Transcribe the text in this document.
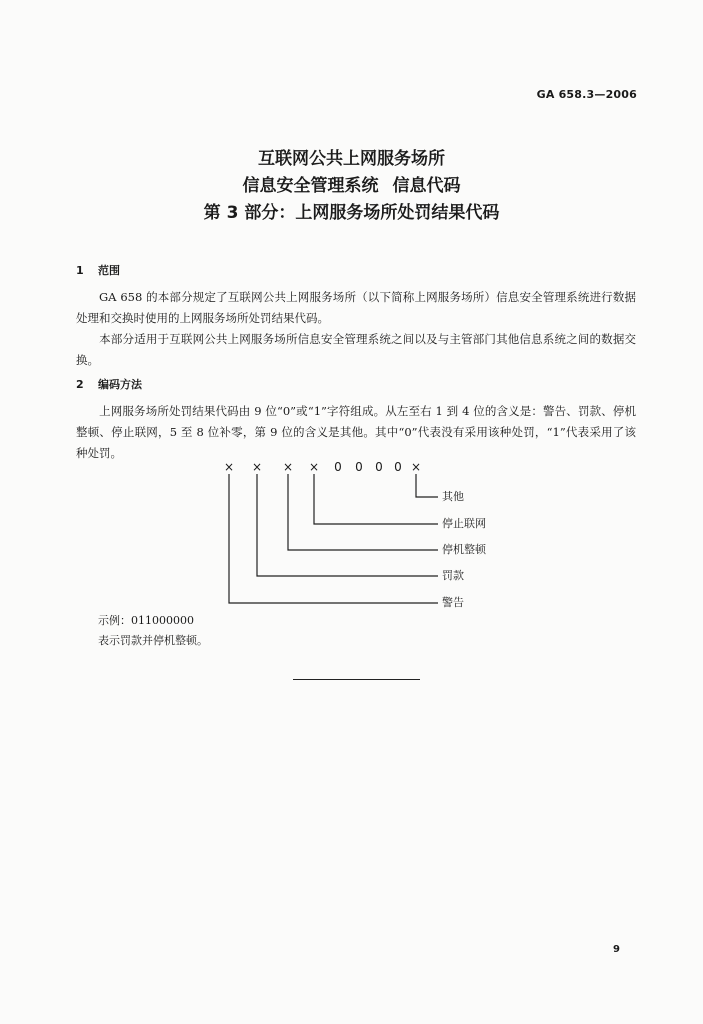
GA 658.3—2006
互联网公共上网服务场所
信息安全管理系统 信息代码
第 3 部分：上网服务场所处罚结果代码
1 范围

GA 658 的本部分规定了互联网公共上网服务场所（以下简称上网服务场所）信息安全管理系统进行数据处理和交换时使用的上网服务场所处罚结果代码。

本部分适用于互联网公共上网服务场所信息安全管理系统之间以及与主管部门其他信息系统之间的数据交换。

2 编码方法

上网服务场所处罚结果代码由 9 位“0”或“1”字符组成。从左至右 1 到 4 位的含义是：警告、罚款、停机整顿、停止联网，5 至 8 位补零，第 9 位的含义是其他。其中“0”代表没有采用该种处罚，“1”代表采用了该种处罚。

× × × × 0 0 0 0 ×
其他
停止联网
停机整顿
罚款
警告
示例：011000000
表示罚款并停机整顿。
9
